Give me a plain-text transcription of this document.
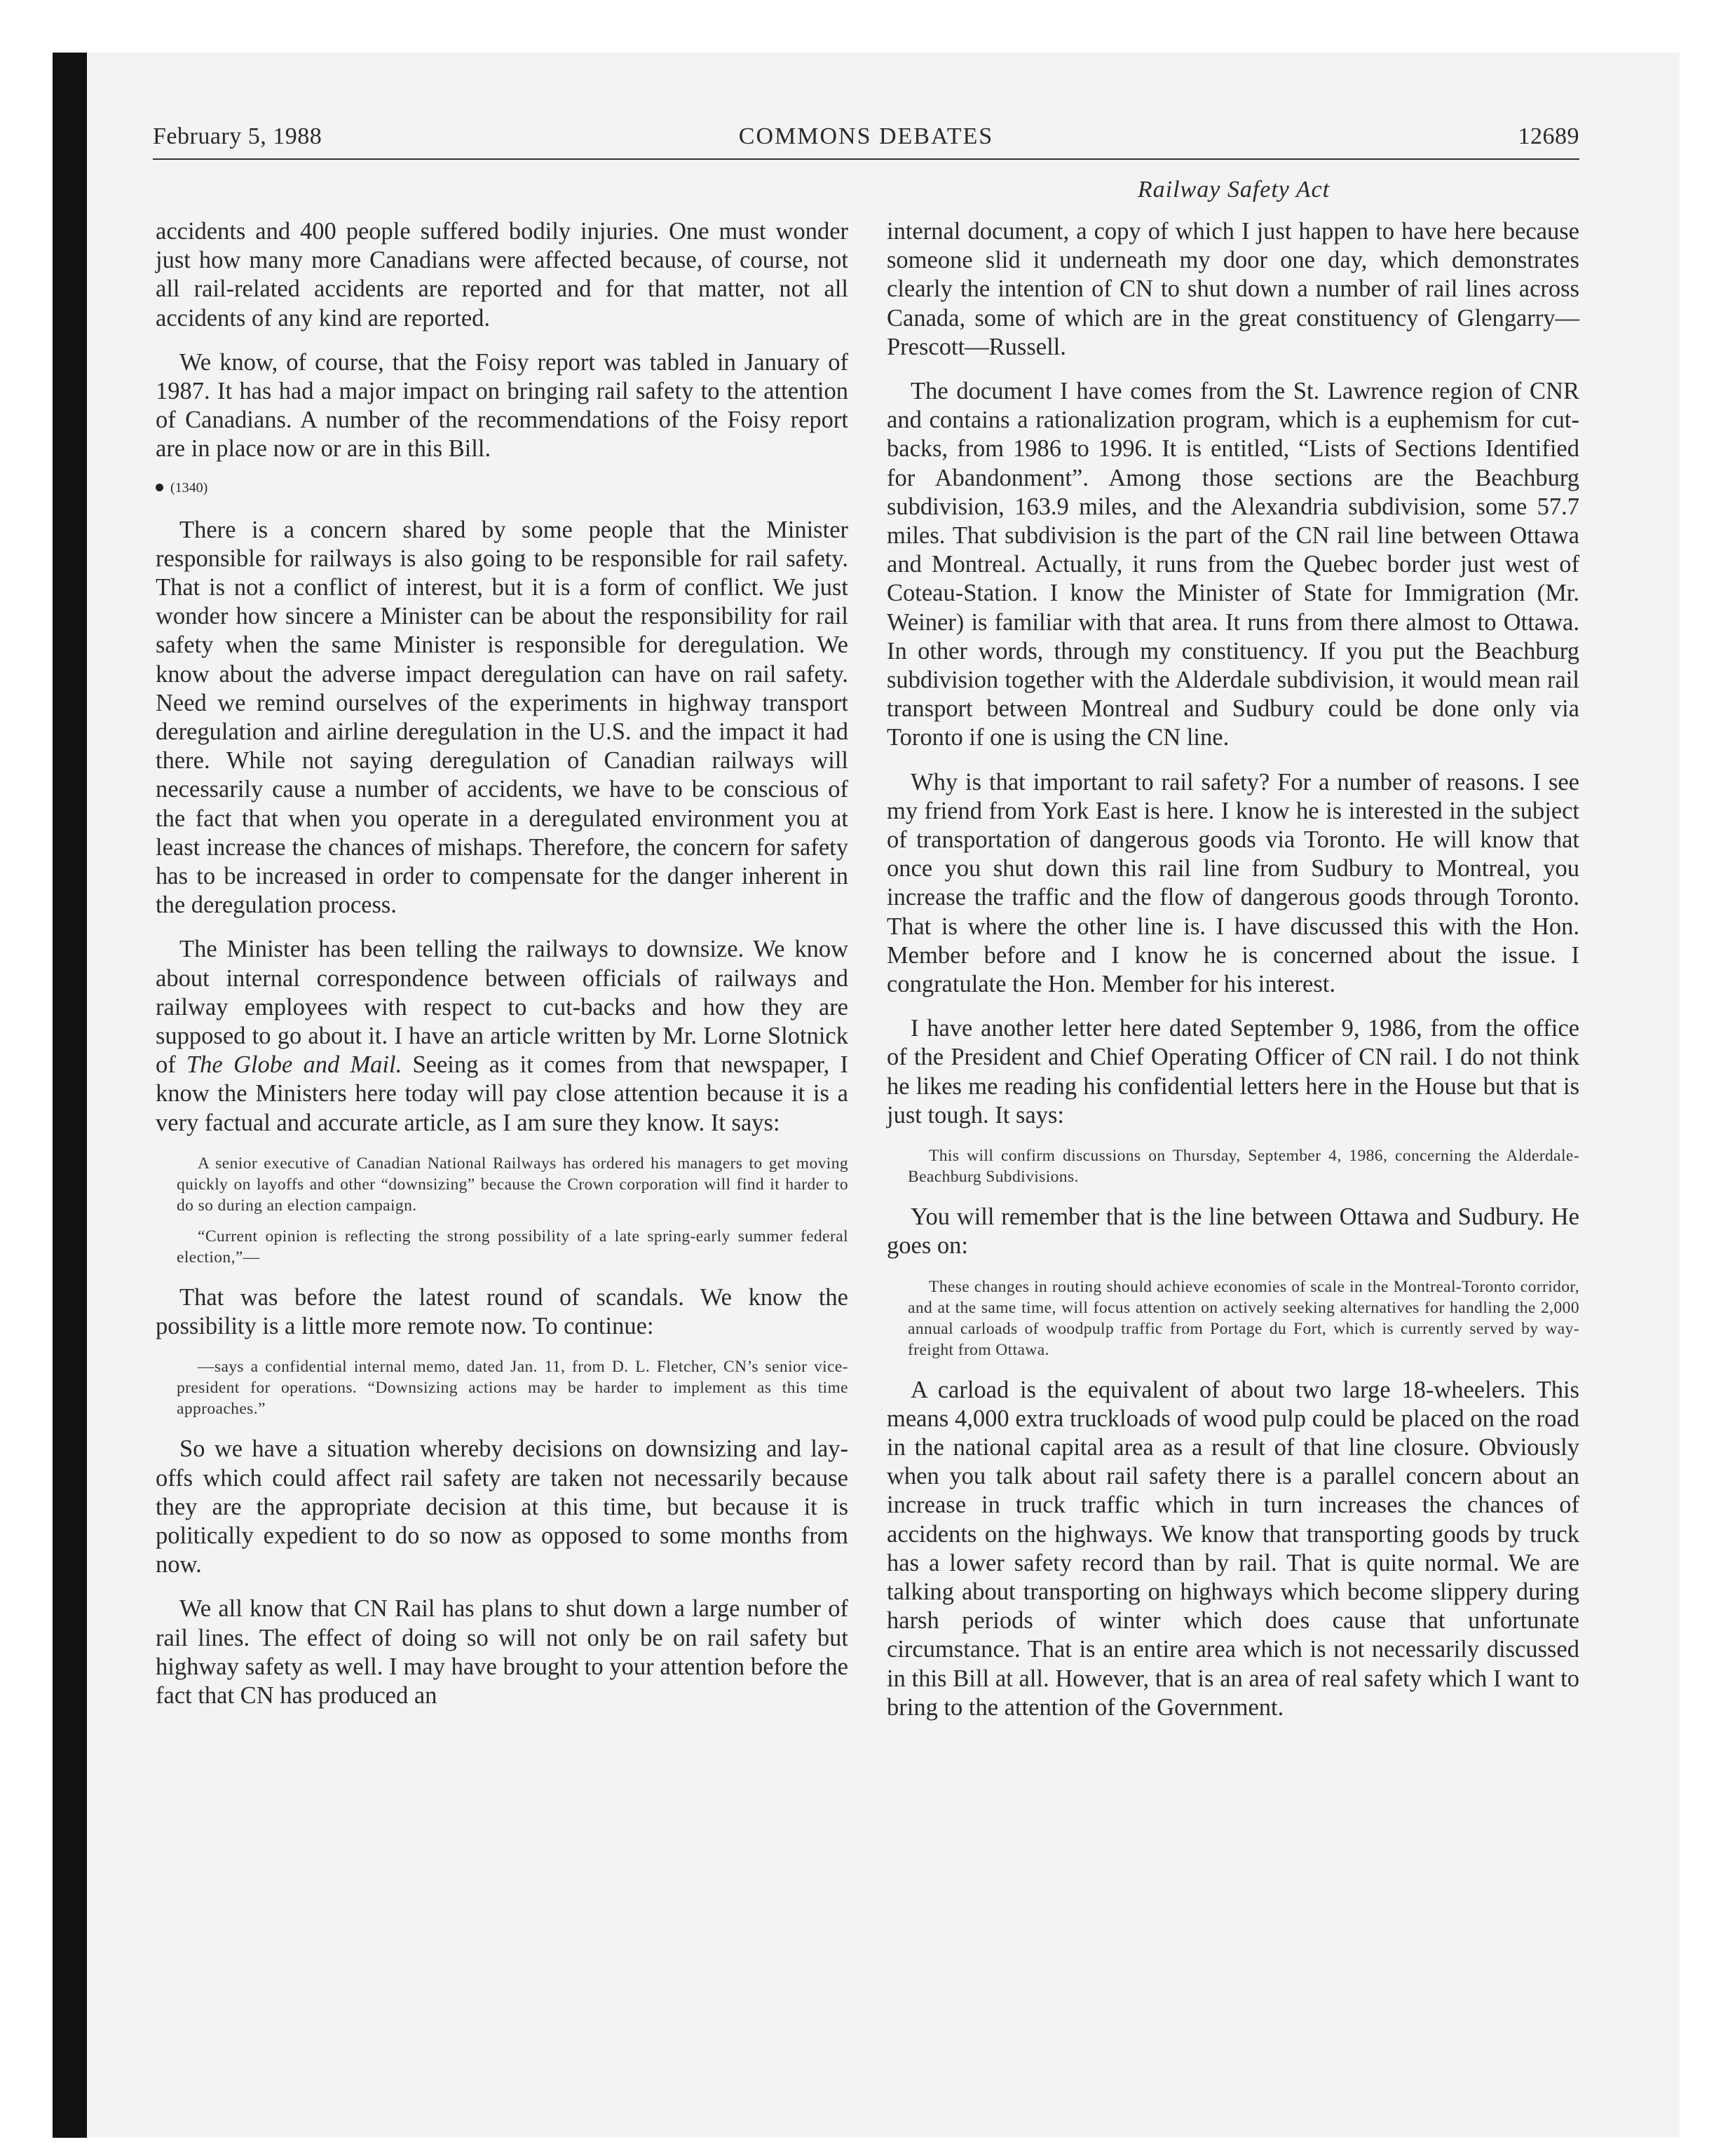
February 5, 1988	COMMONS DEBATES	12689
Railway Safety Act

accidents and 400 people suffered bodily injuries. One must wonder just how many more Canadians were affected because, of course, not all rail-related accidents are reported and for that matter, not all accidents of any kind are reported.

We know, of course, that the Foisy report was tabled in January of 1987. It has had a major impact on bringing rail safety to the attention of Canadians. A number of the recommendations of the Foisy report are in place now or are in this Bill.

(1340)

There is a concern shared by some people that the Minister responsible for railways is also going to be responsible for rail safety. That is not a conflict of interest, but it is a form of conflict. We just wonder how sincere a Minister can be about the responsibility for rail safety when the same Minister is responsible for deregulation. We know about the adverse impact deregulation can have on rail safety. Need we remind ourselves of the experiments in highway transport deregulation and airline deregulation in the U.S. and the impact it had there. While not saying deregulation of Canadian railways will necessarily cause a number of accidents, we have to be conscious of the fact that when you operate in a deregulated environment you at least increase the chances of mishaps. Therefore, the concern for safety has to be increased in order to compensate for the danger inherent in the deregulation process.

The Minister has been telling the railways to downsize. We know about internal correspondence between officials of railways and railway employees with respect to cut-backs and how they are supposed to go about it. I have an article written by Mr. Lorne Slotnick of The Globe and Mail. Seeing as it comes from that newspaper, I know the Ministers here today will pay close attention because it is a very factual and accurate article, as I am sure they know. It says:

A senior executive of Canadian National Railways has ordered his managers to get moving quickly on layoffs and other “downsizing” because the Crown corporation will find it harder to do so during an election campaign.

“Current opinion is reflecting the strong possibility of a late spring-early summer federal election,”—

That was before the latest round of scandals. We know the possibility is a little more remote now. To continue:

—says a confidential internal memo, dated Jan. 11, from D. L. Fletcher, CN’s senior vice-president for operations. “Downsizing actions may be harder to implement as this time approaches.”

So we have a situation whereby decisions on downsizing and lay-offs which could affect rail safety are taken not necessarily because they are the appropriate decision at this time, but because it is politically expedient to do so now as opposed to some months from now.

We all know that CN Rail has plans to shut down a large number of rail lines. The effect of doing so will not only be on rail safety but highway safety as well. I may have brought to your attention before the fact that CN has produced an

internal document, a copy of which I just happen to have here because someone slid it underneath my door one day, which demonstrates clearly the intention of CN to shut down a number of rail lines across Canada, some of which are in the great constituency of Glengarry—Prescott—Russell.

The document I have comes from the St. Lawrence region of CNR and contains a rationalization program, which is a euphemism for cut-backs, from 1986 to 1996. It is entitled, “Lists of Sections Identified for Abandonment”. Among those sections are the Beachburg subdivision, 163.9 miles, and the Alexandria subdivision, some 57.7 miles. That subdivision is the part of the CN rail line between Ottawa and Montreal. Actually, it runs from the Quebec border just west of Coteau-Station. I know the Minister of State for Immigration (Mr. Weiner) is familiar with that area. It runs from there almost to Ottawa. In other words, through my constituency. If you put the Beachburg subdivision together with the Alderdale subdivision, it would mean rail transport between Montreal and Sudbury could be done only via Toronto if one is using the CN line.

Why is that important to rail safety? For a number of reasons. I see my friend from York East is here. I know he is interested in the subject of transportation of dangerous goods via Toronto. He will know that once you shut down this rail line from Sudbury to Montreal, you increase the traffic and the flow of dangerous goods through Toronto. That is where the other line is. I have discussed this with the Hon. Member before and I know he is concerned about the issue. I congratulate the Hon. Member for his interest.

I have another letter here dated September 9, 1986, from the office of the President and Chief Operating Officer of CN rail. I do not think he likes me reading his confidential letters here in the House but that is just tough. It says:

This will confirm discussions on Thursday, September 4, 1986, concerning the Alderdale-Beachburg Subdivisions.

You will remember that is the line between Ottawa and Sudbury. He goes on:

These changes in routing should achieve economies of scale in the Montreal-Toronto corridor, and at the same time, will focus attention on actively seeking alternatives for handling the 2,000 annual carloads of woodpulp traffic from Portage du Fort, which is currently served by way-freight from Ottawa.

A carload is the equivalent of about two large 18-wheelers. This means 4,000 extra truckloads of wood pulp could be placed on the road in the national capital area as a result of that line closure. Obviously when you talk about rail safety there is a parallel concern about an increase in truck traffic which in turn increases the chances of accidents on the highways. We know that transporting goods by truck has a lower safety record than by rail. That is quite normal. We are talking about transporting on highways which become slippery during harsh periods of winter which does cause that unfortunate circumstance. That is an entire area which is not necessarily discussed in this Bill at all. However, that is an area of real safety which I want to bring to the attention of the Government.
